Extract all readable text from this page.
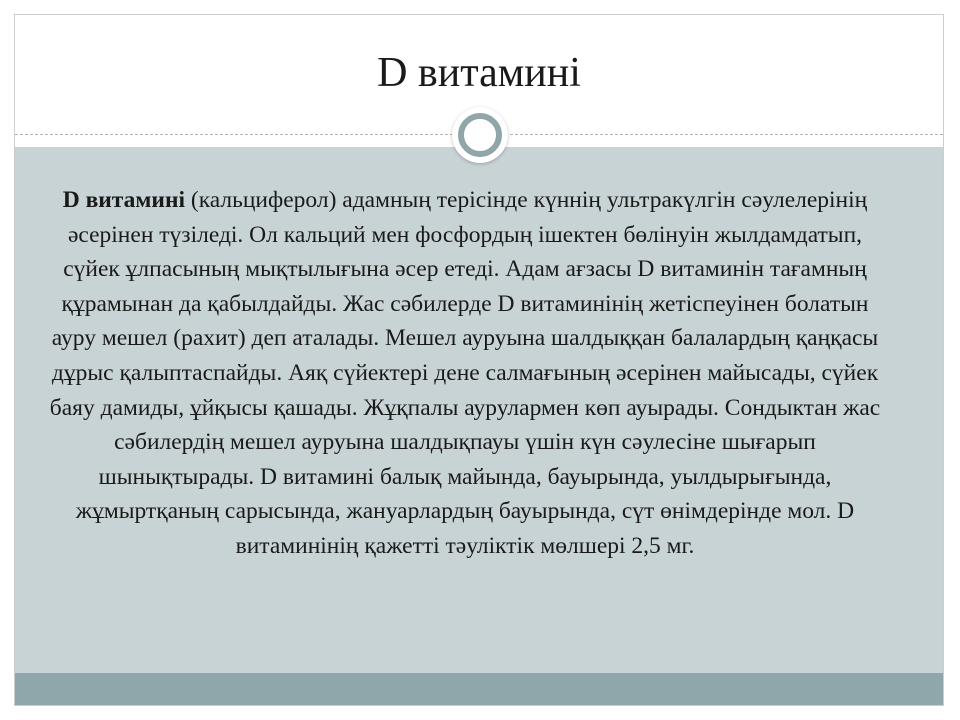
D витамині

D витамині (кальциферол) адамның терісінде күннің ультракүлгін сәулелерінің әсерінен түзіледі. Ол кальций мен фосфордың ішектен бөлінуін жылдамдатып, сүйек ұлпасының мықтылығына әсер етеді. Адам ағзасы D витаминін тағамның құрамынан да қабылдайды. Жас сәбилерде D витаминінің жетіспеуінен болатын ауру мешел (рахит) деп аталады. Мешел ауруына шалдыққан балалардың қаңқасы дұрыс қалыптаспайды. Аяқ сүйектері дене салмағының әсерінен майысады, сүйек баяу дамиды, ұйқысы қашады. Жұқпалы аурулармен көп ауырады. Сондыктан жас сәбилердің мешел ауруына шалдықпауы үшін күн сәулесіне шығарып шынықтырады. D витамині балық майында, бауырында, уылдырығында, жұмыртқаның сарысында, жануарлардың бауырында, сүт өнімдерінде мол. D витаминінің қажетті тәуліктік мөлшері 2,5 мг.
